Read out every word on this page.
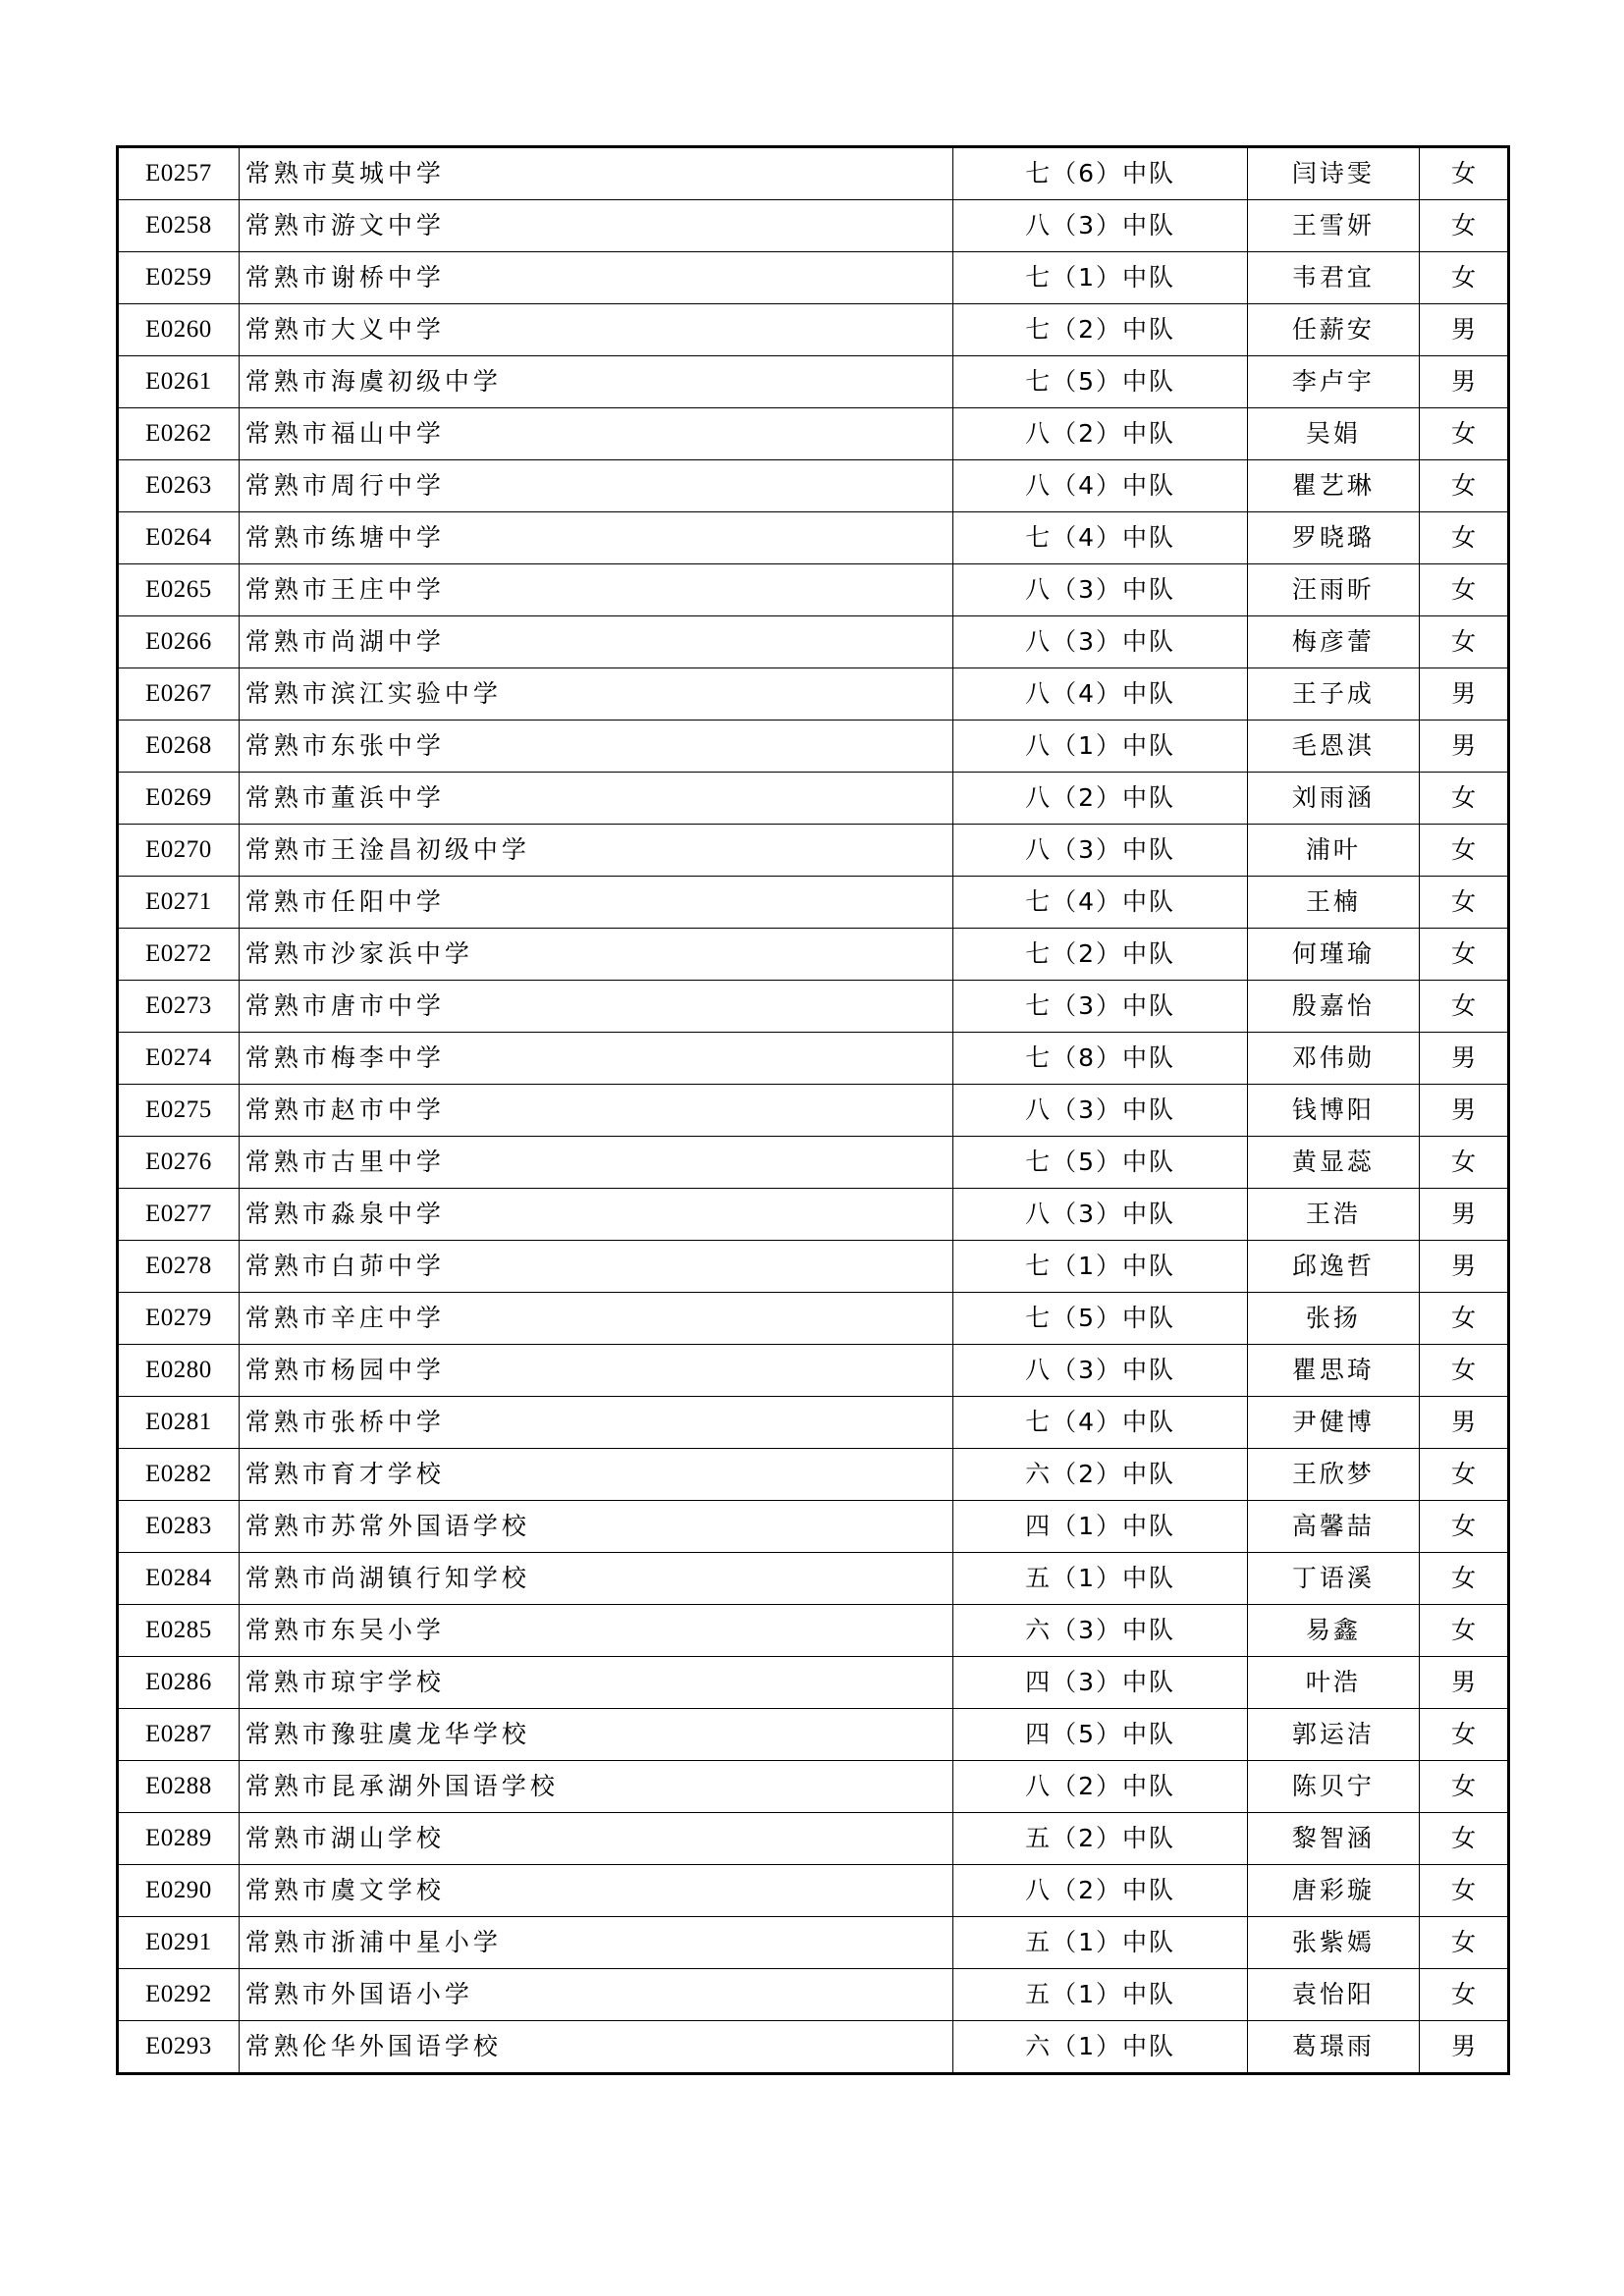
E0257	常熟市莫城中学	七（6）中队	闫诗雯	女
E0258	常熟市游文中学	八（3）中队	王雪妍	女
E0259	常熟市谢桥中学	七（1）中队	韦君宜	女
E0260	常熟市大义中学	七（2）中队	任薪安	男
E0261	常熟市海虞初级中学	七（5）中队	李卢宇	男
E0262	常熟市福山中学	八（2）中队	吴娟	女
E0263	常熟市周行中学	八（4）中队	瞿艺琳	女
E0264	常熟市练塘中学	七（4）中队	罗晓璐	女
E0265	常熟市王庄中学	八（3）中队	汪雨昕	女
E0266	常熟市尚湖中学	八（3）中队	梅彦蕾	女
E0267	常熟市滨江实验中学	八（4）中队	王子成	男
E0268	常熟市东张中学	八（1）中队	毛恩淇	男
E0269	常熟市董浜中学	八（2）中队	刘雨涵	女
E0270	常熟市王淦昌初级中学	八（3）中队	浦叶	女
E0271	常熟市任阳中学	七（4）中队	王楠	女
E0272	常熟市沙家浜中学	七（2）中队	何瑾瑜	女
E0273	常熟市唐市中学	七（3）中队	殷嘉怡	女
E0274	常熟市梅李中学	七（8）中队	邓伟勋	男
E0275	常熟市赵市中学	八（3）中队	钱博阳	男
E0276	常熟市古里中学	七（5）中队	黄显蕊	女
E0277	常熟市淼泉中学	八（3）中队	王浩	男
E0278	常熟市白茆中学	七（1）中队	邱逸哲	男
E0279	常熟市辛庄中学	七（5）中队	张扬	女
E0280	常熟市杨园中学	八（3）中队	瞿思琦	女
E0281	常熟市张桥中学	七（4）中队	尹健博	男
E0282	常熟市育才学校	六（2）中队	王欣梦	女
E0283	常熟市苏常外国语学校	四（1）中队	高馨喆	女
E0284	常熟市尚湖镇行知学校	五（1）中队	丁语溪	女
E0285	常熟市东吴小学	六（3）中队	易鑫	女
E0286	常熟市琼宇学校	四（3）中队	叶浩	男
E0287	常熟市豫驻虞龙华学校	四（5）中队	郭运洁	女
E0288	常熟市昆承湖外国语学校	八（2）中队	陈贝宁	女
E0289	常熟市湖山学校	五（2）中队	黎智涵	女
E0290	常熟市虞文学校	八（2）中队	唐彩璇	女
E0291	常熟市浙浦中星小学	五（1）中队	张紫嫣	女
E0292	常熟市外国语小学	五（1）中队	袁怡阳	女
E0293	常熟伦华外国语学校	六（1）中队	葛璟雨	男
